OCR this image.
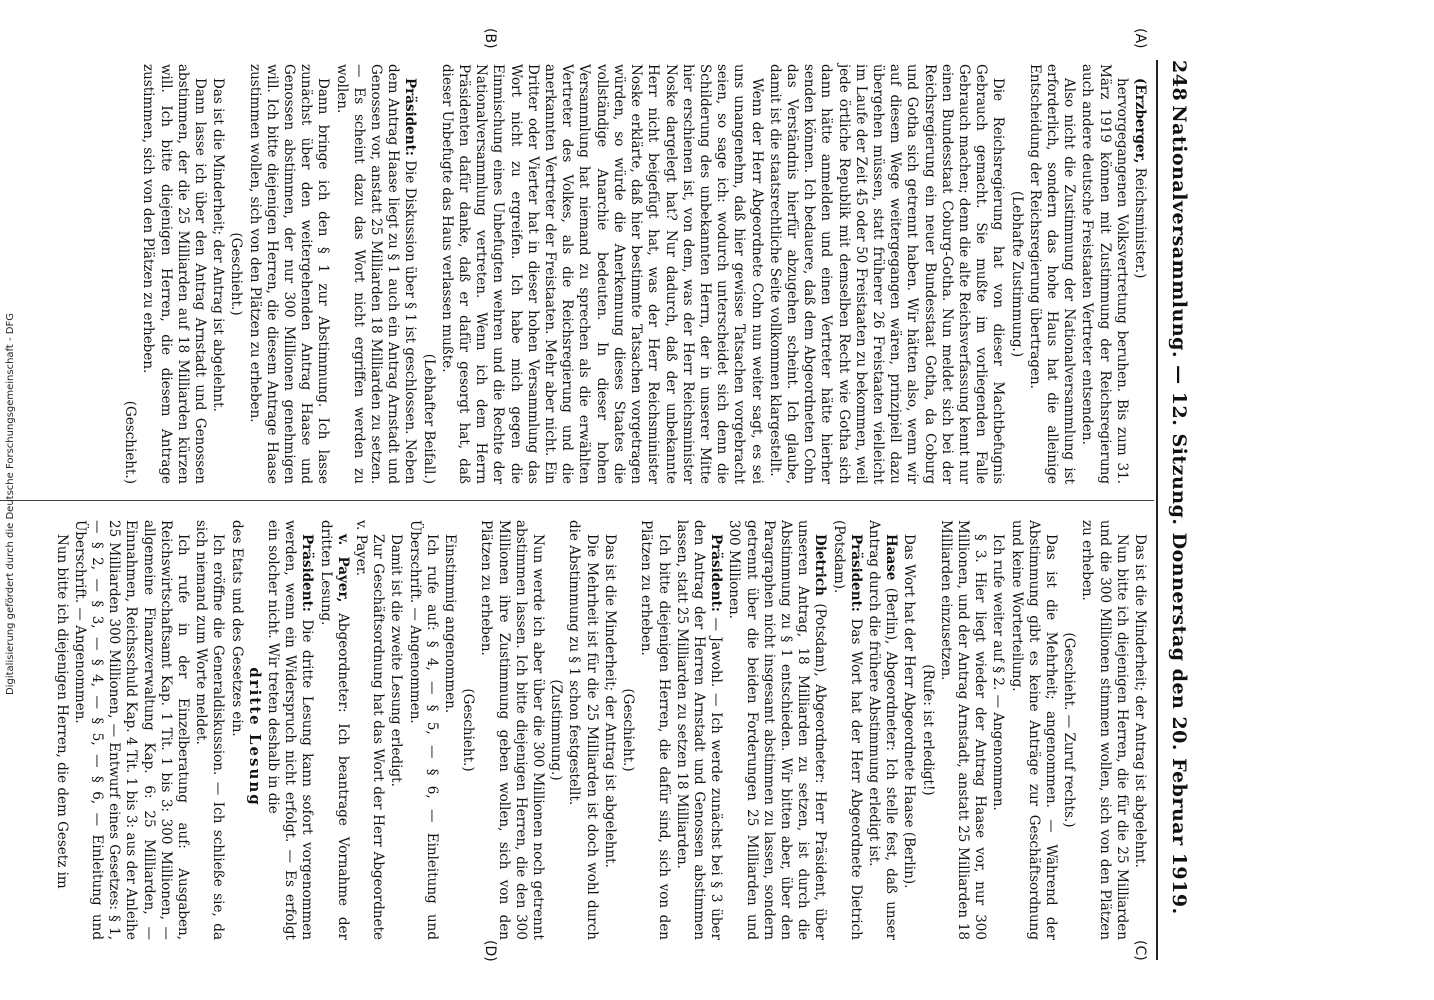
248
Nationalversammlung. — 12. Sitzung. Donnerstag den 20. Februar 1919.
(A)
(B)
(C)
(D)

(Erzberger, Reichsminister.)

hervorgegangenen Volksvertretung beruhen. Bis zum 31. März 1919 können mit Zustimmung der Reichsregierung auch andere deutsche Freistaaten Vertreter entsenden.

Also nicht die Zustimmung der Nationalversammlung ist erforderlich, sondern das hohe Haus hat die alleinige Entscheidung der Reichsregierung übertragen.

(Lebhafte Zustimmung.)

Die Reichsregierung hat von dieser Machtbefugnis Gebrauch gemacht. Sie mußte im vorliegenden Falle Gebrauch machen; denn die alte Reichsverfassung kennt nur einen Bundesstaat Coburg-Gotha. Nun meldet sich bei der Reichsregierung ein neuer Bundesstaat Gotha, da Coburg und Gotha sich getrennt haben. Wir hätten also, wenn wir auf diesem Wege weitergegangen wären, prinzipiell dazu übergehen müssen, statt früherer 26 Freistaaten vielleicht im Laufe der Zeit 45 oder 50 Freistaaten zu bekommen, weil jede örtliche Republik mit demselben Recht wie Gotha sich dann hätte anmelden und einen Vertreter hätte hierher senden können. Ich bedauere, daß dem Abgeordneten Cohn das Verständnis hierfür abzugehen scheint. Ich glaube, damit ist die staatsrechtliche Seite vollkommen klargestellt.

Wenn der Herr Abgeordnete Cohn nun weiter sagt, es sei uns unangenehm, daß hier gewisse Tatsachen vorgebracht seien, so sage ich: wodurch unterscheidet sich denn die Schilderung des unbekannten Herrn, der in unserer Mitte hier erschienen ist, von dem, was der Herr Reichsminister Noske dargelegt hat? Nur dadurch, daß der unbekannte Herr nicht beigefügt hat, was der Herr Reichsminister Noske erklärte, daß hier bestimmte Tatsachen vorgetragen würden, so würde die Anerkennung dieses Staates die vollständige Anarchie bedeuten. In dieser hohen Versammlung hat niemand zu sprechen als die erwählten Vertreter des Volkes, als die Reichsregierung und die anerkannten Vertreter der Freistaaten. Mehr aber nicht. Ein Dritter oder Vierter hat in dieser hohen Versammlung das Wort nicht zu ergreifen. Ich habe mich gegen die Einmischung eines Unbefugten wehren und die Rechte der Nationalversammlung vertreten. Wenn ich dem Herrn Präsidenten dafür danke, daß er dafür gesorgt hat, daß dieser Unbefugte das Haus verlassen mußte.

(Lebhafter Beifall.)

Präsident: Die Diskussion über § 1 ist geschlossen. Neben dem Antrag Haase liegt zu § 1 auch ein Antrag Arnstadt und Genossen vor, anstatt 25 Milliarden 18 Milliarden zu setzen. — Es scheint dazu das Wort nicht ergriffen werden zu wollen.

Dann bringe ich den § 1 zur Abstimmung. Ich lasse zunächst über den weitergehenden Antrag Haase und Genossen abstimmen, der nur 300 Millionen genehmigen will. Ich bitte diejenigen Herren, die diesem Antrage Haase zustimmen wollen, sich von den Plätzen zu erheben.

(Geschieht.)

Das ist die Minderheit; der Antrag ist abgelehnt.

Dann lasse ich über den Antrag Arnstadt und Genossen abstimmen, der die 25 Milliarden auf 18 Milliarden kürzen will. Ich bitte diejenigen Herren, die diesem Antrage zustimmen, sich von den Plätzen zu erheben.

(Geschieht.)

Das ist die Minderheit; der Antrag ist abgelehnt.

Nun bitte ich diejenigen Herren, die für die 25 Milliarden und die 300 Millionen stimmen wollen, sich von den Plätzen zu erheben.

(Geschieht. — Zuruf rechts.)

Das ist die Mehrheit; angenommen. — Während der Abstimmung gibt es keine Anträge zur Geschäftsordnung und keine Worterteilung.

Ich rufe weiter auf § 2. — Angenommen.

§ 3. Hier liegt wieder der Antrag Haase vor, nur 300 Millionen, und der Antrag Arnstadt, anstatt 25 Milliarden 18 Milliarden einzusetzen.

(Rufe: ist erledigt!)

Das Wort hat der Herr Abgeordnete Haase (Berlin).

Haase (Berlin), Abgeordneter: Ich stelle fest, daß unser Antrag durch die frühere Abstimmung erledigt ist.

Präsident: Das Wort hat der Herr Abgeordnete Dietrich (Potsdam).

Dietrich (Potsdam), Abgeordneter: Herr Präsident, über unseren Antrag, 18 Milliarden zu setzen, ist durch die Abstimmung zu § 1 entschieden. Wir bitten aber, über den Paragraphen nicht insgesamt abstimmen zu lassen, sondern getrennt über die beiden Forderungen 25 Milliarden und 300 Millionen.

Präsident: — Jawohl. — Ich werde zunächst bei § 3 über den Antrag der Herren Arnstadt und Genossen abstimmen lassen, statt 25 Milliarden zu setzen 18 Milliarden.

Ich bitte diejenigen Herren, die dafür sind, sich von den Plätzen zu erheben.

(Geschieht.)

Das ist die Minderheit; der Antrag ist abgelehnt.

Die Mehrheit ist für die 25 Milliarden ist doch wohl durch die Abstimmung zu § 1 schon festgestellt.

(Zustimmung.)

Nun werde ich aber über die 300 Millionen noch getrennt abstimmen lassen. Ich bitte diejenigen Herren, die den 300 Millionen ihre Zustimmung geben wollen, sich von den Plätzen zu erheben.

(Geschieht.)

Einstimmig angenommen.

Ich rufe auf: § 4, — § 5, — § 6, — Einleitung und Überschrift. — Angenommen.

Damit ist die zweite Lesung erledigt.

Zur Geschäftsordnung hat das Wort der Herr Abgeordnete v. Payer.

v. Payer, Abgeordneter: Ich beantrage Vornahme der dritten Lesung.

Präsident: Die dritte Lesung kann sofort vorgenommen werden, wenn ein Widerspruch nicht erfolgt. — Es erfolgt ein solcher nicht. Wir treten deshalb in die

dritte Lesung

des Etats und des Gesetzes ein.

Ich eröffne die Generaldiskussion. — Ich schließe sie, da sich niemand zum Worte meldet.

Ich rufe in der Einzelberatung auf: Ausgaben, Reichswirtschaftsamt Kap. 1 Tit. 1 bis 3: 300 Millionen, — allgemeine Finanzverwaltung Kap. 6: 25 Milliarden, — Einnahmen, Reichsschuld Kap. 4 Tit. 1 bis 3: aus der Anleihe 25 Milliarden 300 Millionen, — Entwurf eines Gesetzes: § 1, — § 2, — § 3, — § 4, — § 5, — § 6, — Einleitung und Überschrift. — Angenommen.

Nun bitte ich diejenigen Herren, die dem Gesetz im

Digitalisierung gefördert durch die Deutsche Forschungsgemeinschaft - DFG
